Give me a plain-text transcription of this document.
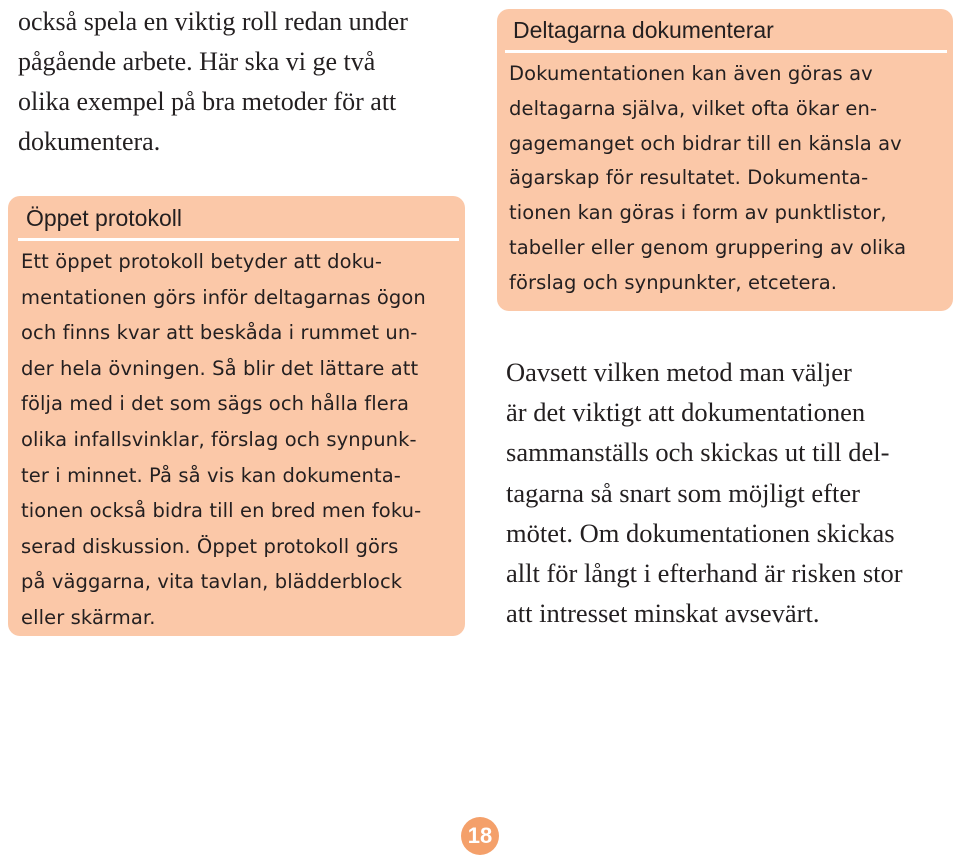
också spela en viktig roll redan under
pågående arbete. Här ska vi ge två
olika exempel på bra metoder för att
dokumentera.
Öppet protokoll
Ett öppet protokoll betyder att doku-
mentationen görs inför deltagarnas ögon
och finns kvar att beskåda i rummet un-
der hela övningen. Så blir det lättare att
följa med i det som sägs och hålla flera
olika infallsvinklar, förslag och synpunk-
ter i minnet. På så vis kan dokumenta-
tionen också bidra till en bred men foku-
serad diskussion. Öppet protokoll görs
på väggarna, vita tavlan, blädderblock
eller skärmar.
Deltagarna dokumenterar
Dokumentationen kan även göras av
deltagarna själva, vilket ofta ökar en-
gagemanget och bidrar till en känsla av
ägarskap för resultatet. Dokumenta-
tionen kan göras i form av punktlistor,
tabeller eller genom gruppering av olika
förslag och synpunkter, etcetera.
Oavsett vilken metod man väljer
är det viktigt att dokumentationen
sammanställs och skickas ut till del-
tagarna så snart som möjligt efter
mötet. Om dokumentationen skickas
allt för långt i efterhand är risken stor
att intresset minskat avsevärt.
18
